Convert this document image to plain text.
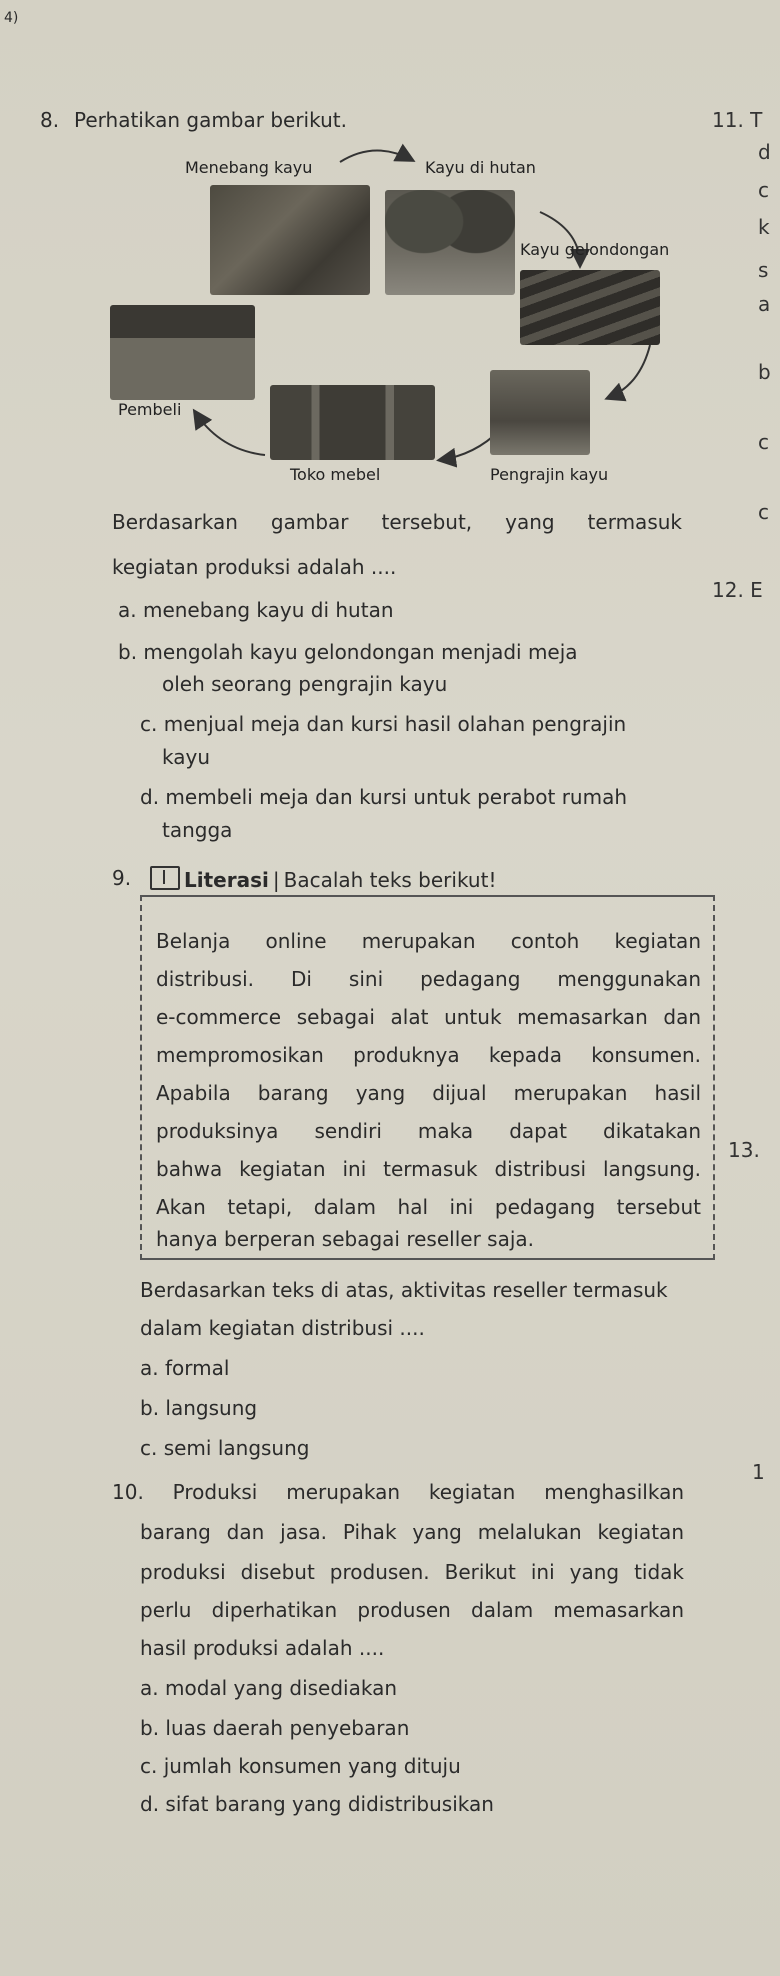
4)
8. Perhatikan gambar berikut.
Menebang kayu	Kayu di hutan
Kayu gelondongan
Pembeli
Toko mebel	Pengrajin kayu
Berdasarkan gambar tersebut, yang termasuk
kegiatan produksi adalah ....
a. menebang kayu di hutan
b. mengolah kayu gelondongan menjadi meja
oleh seorang pengrajin kayu
c. menjual meja dan kursi hasil olahan pengrajin
kayu
d. membeli meja dan kursi untuk perabot rumah
tangga
9.	Literasi | Bacalah teks berikut!

Belanja online merupakan contoh kegiatan

distribusi. Di sini pedagang menggunakan

e-commerce sebagai alat untuk memasarkan dan

mempromosikan produknya kepada konsumen.

Apabila barang yang dijual merupakan hasil

produksinya sendiri maka dapat dikatakan

bahwa kegiatan ini termasuk distribusi langsung.

Akan tetapi, dalam hal ini pedagang tersebut

hanya berperan sebagai reseller saja.

Berdasarkan teks di atas, aktivitas reseller termasuk
dalam kegiatan distribusi ....
a. formal
b. langsung
c. semi langsung
10. Produksi merupakan kegiatan menghasilkan
barang dan jasa. Pihak yang melalukan kegiatan
produksi disebut produsen. Berikut ini yang tidak
perlu diperhatikan produsen dalam memasarkan
hasil produksi adalah ....
a. modal yang disediakan
b. luas daerah penyebaran
c. jumlah konsumen yang dituju
d. sifat barang yang didistribusikan
11. T
d
c
k
s
a
b
c
c
12. E
13.
1
